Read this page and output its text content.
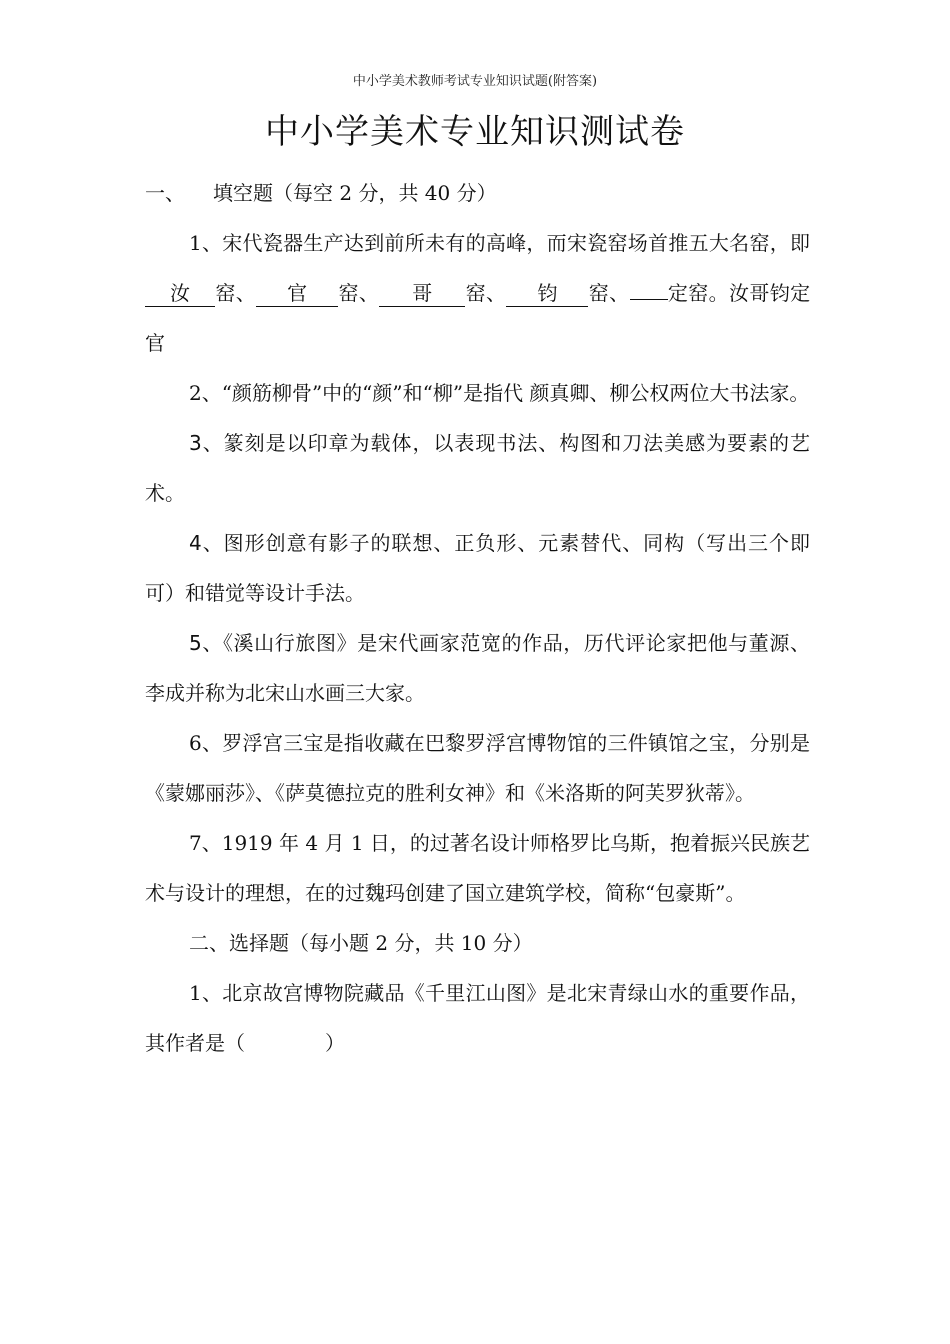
中小学美术教师考试专业知识试题(附答案)
中小学美术专业知识测试卷

一、 填空题（每空 2 分，共 40 分）

1、宋代瓷器生产达到前所未有的高峰，而宋瓷窑场首推五大名窑，即 汝 窑、 官 窑、 哥 窑、 钧 窑、 定窑。汝哥钧定官

2、“颜筋柳骨”中的“颜”和“柳”是指代 颜真卿、柳公权两位大书法家。

3、篆刻是以印章为载体，以表现书法、构图和刀法美感为要素的艺术。

4、图形创意有影子的联想、正负形、元素替代、同构（写出三个即可）和错觉等设计手法。

5、《溪山行旅图》是宋代画家范宽的作品，历代评论家把他与董源、李成并称为北宋山水画三大家。

6、罗浮宫三宝是指收藏在巴黎罗浮宫博物馆的三件镇馆之宝，分别是《蒙娜丽莎》、《萨莫德拉克的胜利女神》和《米洛斯的阿芙罗狄蒂》。

7、1919 年 4 月 1 日，的过著名设计师格罗比乌斯，抱着振兴民族艺术与设计的理想，在的过魏玛创建了国立建筑学校，简称“包豪斯”。

二、选择题（每小题 2 分，共 10 分）

1、北京故宫博物院藏品《千里江山图》是北宋青绿山水的重要作品，其作者是（	）
